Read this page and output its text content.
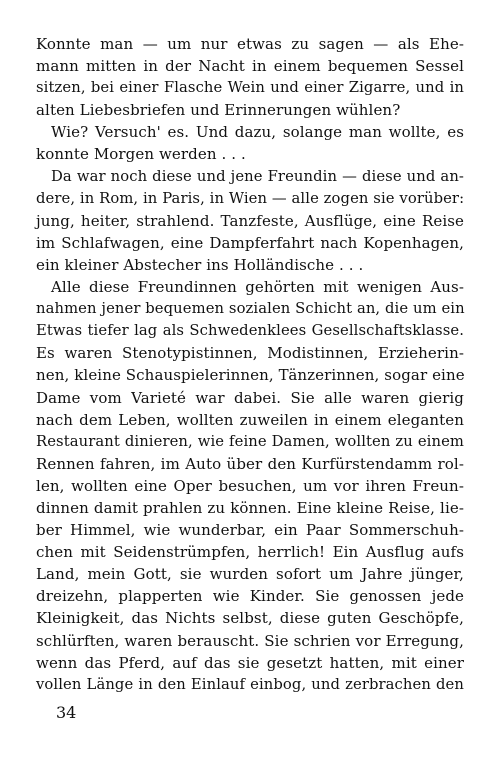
Konnte man — um nur etwas zu sagen — als Ehe-
mann mitten in der Nacht in einem bequemen Sessel
sitzen, bei einer Flasche Wein und einer Zigarre, und in
alten Liebesbriefen und Erinnerungen wühlen?
Wie? Versuch' es. Und dazu, solange man wollte, es
konnte Morgen werden . . .
Da war noch diese und jene Freundin — diese und an-
dere, in Rom, in Paris, in Wien — alle zogen sie vorüber:
jung, heiter, strahlend. Tanzfeste, Ausflüge, eine Reise
im Schlafwagen, eine Dampferfahrt nach Kopenhagen,
ein kleiner Abstecher ins Holländische . . .
Alle diese Freundinnen gehörten mit wenigen Aus-
nahmen jener bequemen sozialen Schicht an, die um ein
Etwas tiefer lag als Schwedenklees Gesellschaftsklasse.
Es waren Stenotypistinnen, Modistinnen, Erzieherin-
nen, kleine Schauspielerinnen, Tänzerinnen, sogar eine
Dame vom Varieté war dabei. Sie alle waren gierig
nach dem Leben, wollten zuweilen in einem eleganten
Restaurant dinieren, wie feine Damen, wollten zu einem
Rennen fahren, im Auto über den Kurfürstendamm rol-
len, wollten eine Oper besuchen, um vor ihren Freun-
dinnen damit prahlen zu können. Eine kleine Reise, lie-
ber Himmel, wie wunderbar, ein Paar Sommerschuh-
chen mit Seidenstrümpfen, herrlich! Ein Ausflug aufs
Land, mein Gott, sie wurden sofort um Jahre jünger,
dreizehn, plapperten wie Kinder. Sie genossen jede
Kleinigkeit, das Nichts selbst, diese guten Geschöpfe,
schlürften, waren berauscht. Sie schrien vor Erregung,
wenn das Pferd, auf das sie gesetzt hatten, mit einer
vollen Länge in den Einlauf einbog, und zerbrachen den
34
